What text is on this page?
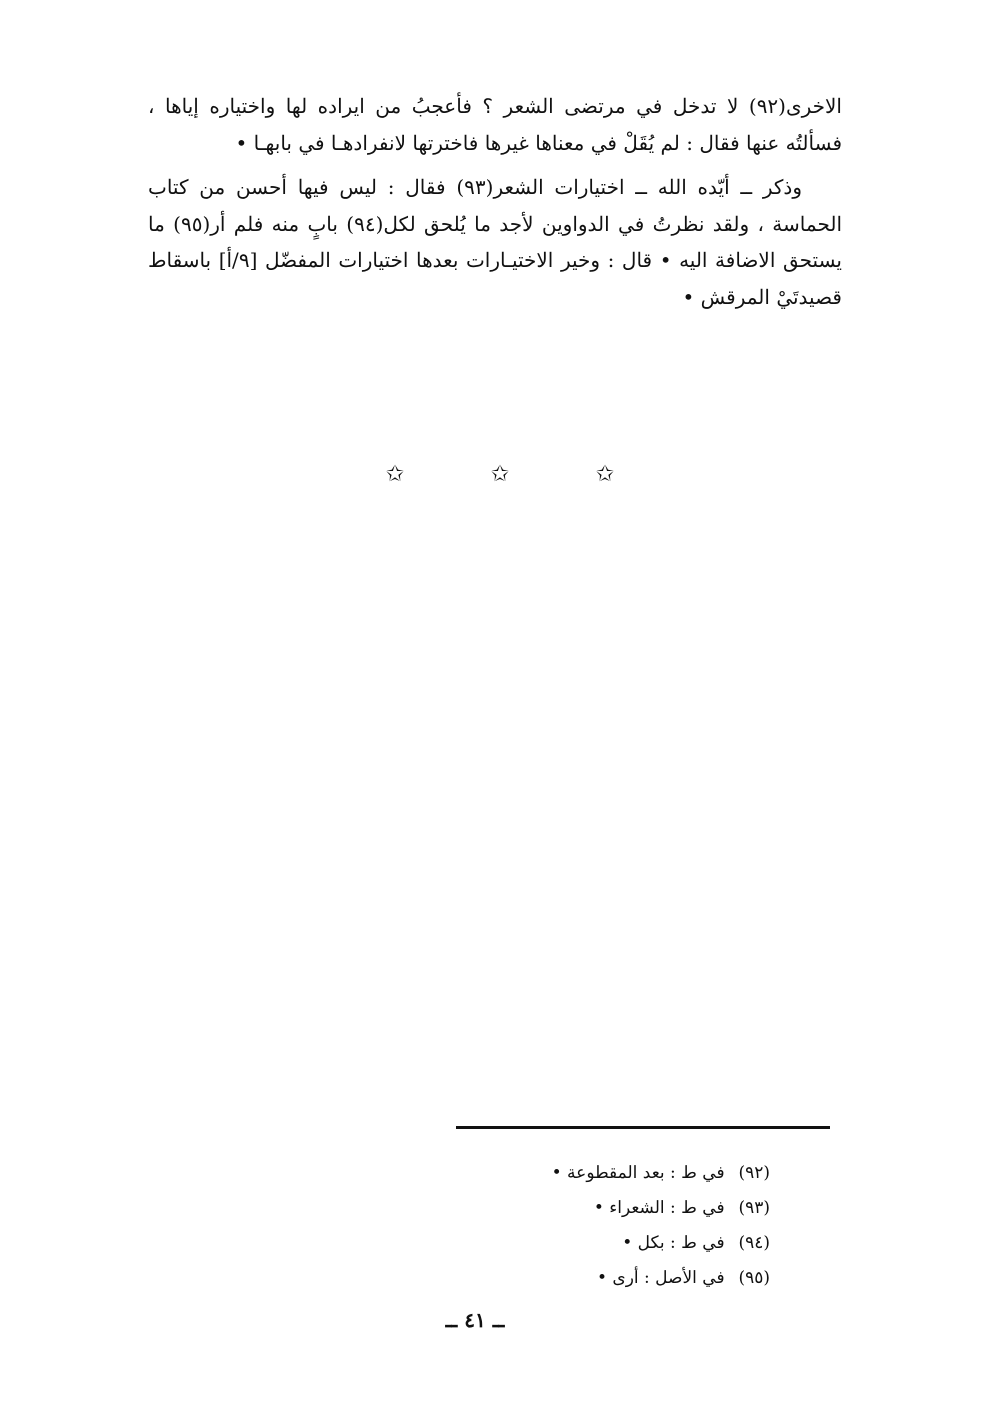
الاخرى(٩٢) لا تدخل في مرتضى الشعر ؟ فأعجبُ من ايراده لها واختياره إياها ، فسألتُه عنها فقال : لم يُقَلْ في معناها غيرها فاخترتها لانفرادهـا في بابهـا •

وذكر ــ أيّده الله ــ اختيارات الشعر(٩٣) فقال : ليس فيها أحسن من كتاب الحماسة ، ولقد نظرتُ في الدواوين لأجد ما يُلحق لكل(٩٤) بابٍ منه فلم أر(٩٥) ما يستحق الاضافة اليه • قال : وخير الاختيـارات بعدها اختيارات المفضّل [٩/أ] باسقاط قصيدتَيْ المرقش •

✩	✩	✩
(٩٢) في ط : بعد المقطوعة •
(٩٣) في ط : الشعراء •
(٩٤) في ط : بكل •
(٩٥) في الأصل : أرى •
ــ ٤١ ــ
